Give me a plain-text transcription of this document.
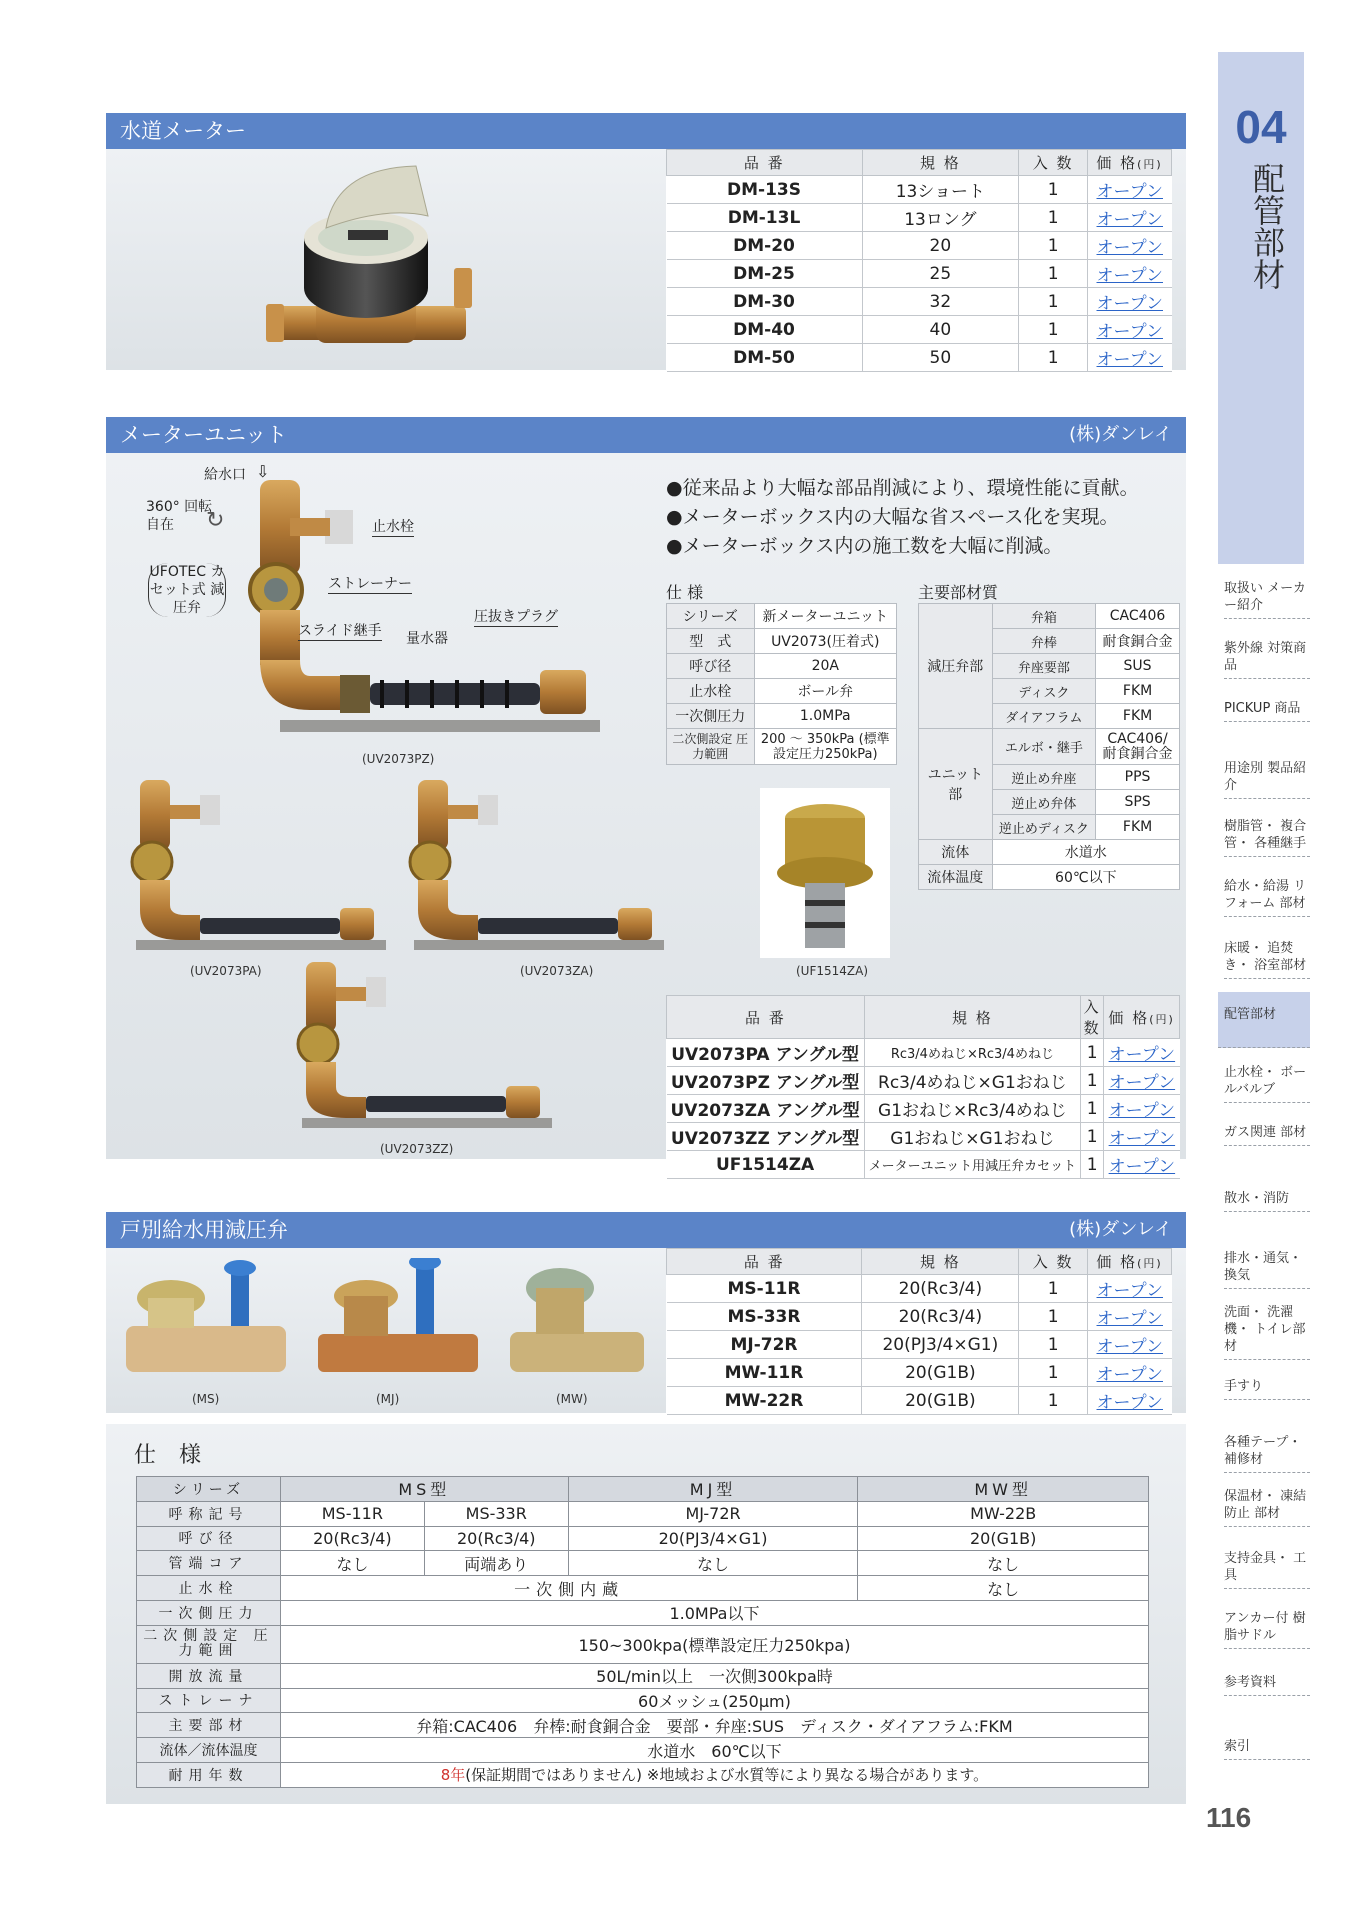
04
配管部材
取扱い メーカー紹介
紫外線 対策商品
PICKUP 商品
用途別 製品紹介
樹脂管・ 複合管・ 各種継手
給水・給湯 リフォーム 部材
床暖・ 追焚き・ 浴室部材
配管部材
止水栓・ ボールバルブ
ガス関連 部材
散水・消防
排水・通気・ 換気
洗面・ 洗濯機・ トイレ部材
手すり
各種テープ・ 補修材
保温材・ 凍結防止 部材
支持金具・ 工具
アンカー付 樹脂サドル
参考資料
索引
116
水道メーター
品 番	規 格	入 数	価 格(円)
DM-13S	13ショート	1	オープン
DM-13L	13ロング	1	オープン
DM-20	20	1	オープン
DM-25	25	1	オープン
DM-30	32	1	オープン
DM-40	40	1	オープン
DM-50	50	1	オープン
メーターユニット	(株)ダンレイ
給水口 ⇩
360° 回転自在	↻	止水栓
UFOTEC カセット式 減圧弁
ストレーナー
スライド継手 量水器
圧抜きプラグ
(UV2073PZ)
(UV2073PA)	(UV2073ZA)
(UV2073ZZ)
(UF1514ZA)
●従来品より大幅な部品削減により、環境性能に貢献。
●メーターボックス内の大幅な省スペース化を実現。
●メーターボックス内の施工数を大幅に削減。
仕 様	主要部材質
シリーズ	新メーターユニット
型　式	UV2073(圧着式)
呼び径	20A
止水栓	ボール弁
一次側圧力	1.0MPa
二次側設定 圧力範囲	200 ～ 350kPa (標準設定圧力250kPa)
減圧弁部	弁箱	CAC406
	弁棒	耐食銅合金
	弁座要部	SUS
	ディスク	FKM
	ダイアフラム	FKM
ユニット部	エルボ・継手	CAC406/ 耐食銅合金
	逆止め弁座	PPS
	逆止め弁体	SPS
	逆止めディスク	FKM
流体	水道水	
流体温度	60℃以下	
品 番	規 格	入 数	価 格(円)
UV2073PA アングル型	Rc3/4めねじ×Rc3/4めねじ	1	オープン
UV2073PZ アングル型	Rc3/4めねじ×G1おねじ	1	オープン
UV2073ZA アングル型	G1おねじ×Rc3/4めねじ	1	オープン
UV2073ZZ アングル型	G1おねじ×G1おねじ	1	オープン
UF1514ZA	メーターユニット用減圧弁カセット	1	オープン
戸別給水用減圧弁	(株)ダンレイ
(MS)	(MJ)	(MW)
品 番	規 格	入 数	価 格(円)
MS-11R	20(Rc3/4)	1	オープン
MS-33R	20(Rc3/4)	1	オープン
MJ-72R	20(PJ3/4×G1)	1	オープン
MW-11R	20(G1B)	1	オープン
MW-22R	20(G1B)	1	オープン
仕 様
シリーズ	MS型		MJ型	MW型
呼称記号	MS-11R	MS-33R	MJ-72R	MW-22B
呼び径	20(Rc3/4)	20(Rc3/4)	20(PJ3/4×G1)	20(G1B)
管端コア	なし	両端あり	なし	なし
止水栓	一次側内蔵			なし
一次側圧力	1.0MPa以下			
二次側設定 圧力範囲	150~300kpa(標準設定圧力250kpa)			
開放流量	50L/min以上　一次側300kpa時			
ストレーナ	60メッシュ(250μm)			
主要部材	弁箱:CAC406　弁棒:耐食銅合金　要部・弁座:SUS　ディスク・ダイアフラム:FKM			
流体／流体温度	水道水　60℃以下			
耐用年数	8年(保証期間ではありません) ※地域および水質等により異なる場合があります。			
